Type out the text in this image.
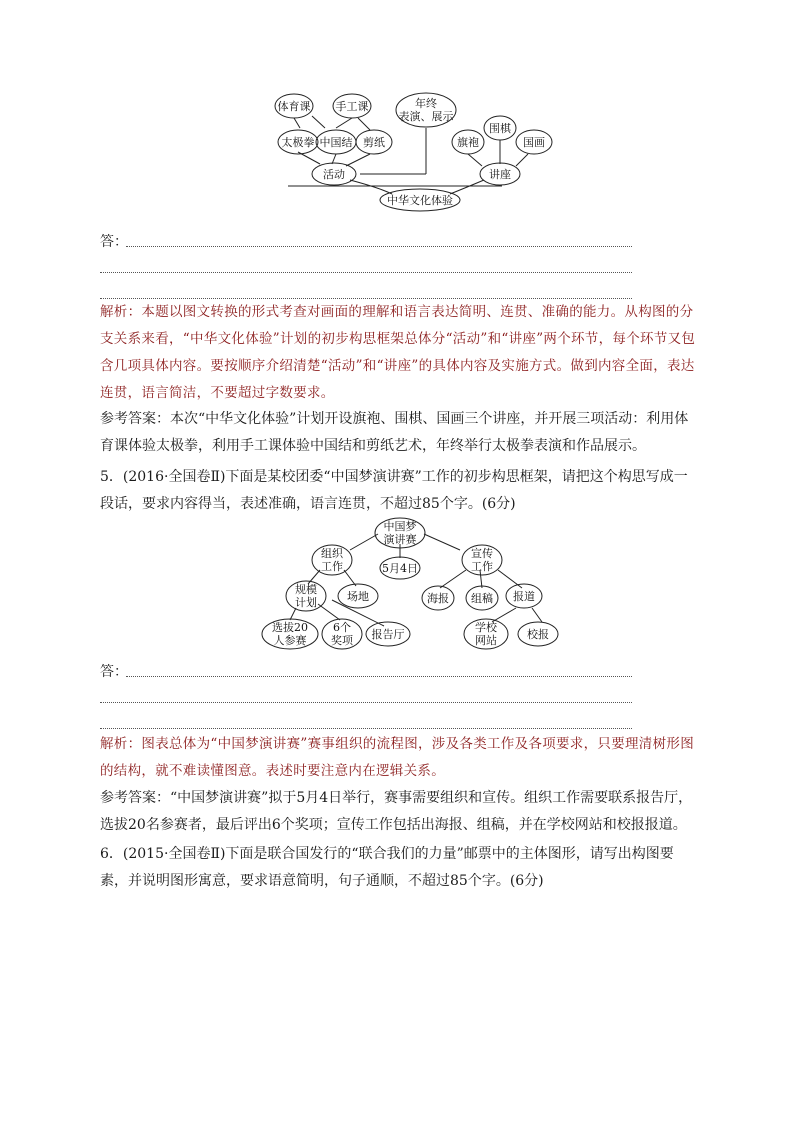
体育课 手工课	年终
表演、展示
太极拳 中国结 剪纸
活动
旗袍
围棋
国画
讲座
中华文化体验
答：

解析：本题以图文转换的形式考查对画面的理解和语言表达简明、连贯、准确的能力。从构图的分支关系来看，“中华文化体验”计划的初步构思框架总体分“活动”和“讲座”两个环节，每个环节又包含几项具体内容。要按顺序介绍清楚“活动”和“讲座”的具体内容及实施方式。做到内容全面，表达连贯，语言简洁，不要超过字数要求。

参考答案：本次“中华文化体验”计划开设旗袍、围棋、国画三个讲座，并开展三项活动：利用体育课体验太极拳，利用手工课体验中国结和剪纸艺术，年终举行太极拳表演和作品展示。

5．(2016·全国卷Ⅱ)下面是某校团委“中国梦演讲赛”工作的初步构思框架，请把这个构思写成一段话，要求内容得当，表述准确，语言连贯，不超过85个字。(6分)

中国梦
演讲赛
5月4日
组织
工作
宣传
工作
规模
计划	场地	海报 组稿 报道
选拔20
人参赛
6个
奖项 报告厅
学校
网站	校报
答：

解析：图表总体为“中国梦演讲赛”赛事组织的流程图，涉及各类工作及各项要求，只要理清树形图的结构，就不难读懂图意。表述时要注意内在逻辑关系。

参考答案：“中国梦演讲赛”拟于5月4日举行，赛事需要组织和宣传。组织工作需要联系报告厅，选拔20名参赛者，最后评出6个奖项；宣传工作包括出海报、组稿，并在学校网站和校报报道。

6．(2015·全国卷Ⅱ)下面是联合国发行的“联合我们的力量”邮票中的主体图形，请写出构图要素，并说明图形寓意，要求语意简明，句子通顺，不超过85个字。(6分)
